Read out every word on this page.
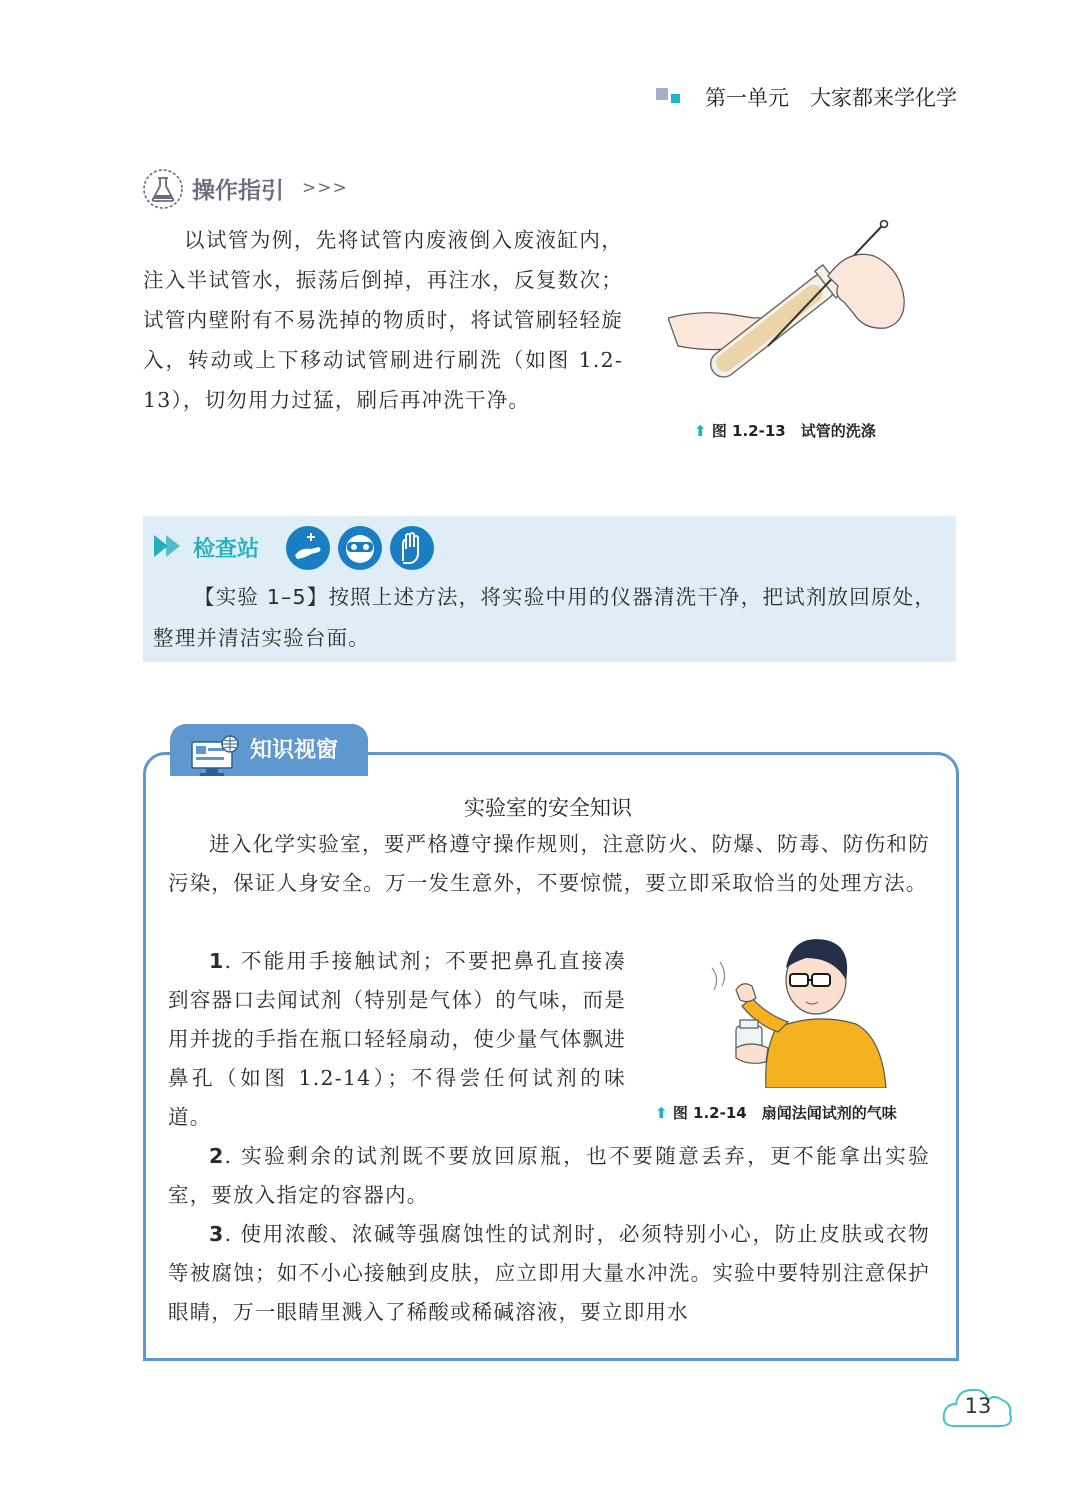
第一单元　 大家都来学化学
操作指引 >>>
以试管为例，先将试管内废液倒入废液缸内，注入半试管水，振荡后倒掉，再注水，反复数次；试管内壁附有不易洗掉的物质时，将试管刷轻轻旋入，转动或上下移动试管刷进行刷洗（如图 1.2-13），切勿用力过猛，刷后再冲洗干净。
⬆ 图 1.2-13　试管的洗涤
检查站
【实验 1–5】按照上述方法，将实验中用的仪器清洗干净，把试剂放回原处，整理并清洁实验台面。
知识视窗
实验室的安全知识
进入化学实验室，要严格遵守操作规则，注意防火、防爆、防毒、防伤和防污染，保证人身安全。万一发生意外，不要惊慌，要立即采取恰当的处理方法。
1. 不能用手接触试剂；不要把鼻孔直接凑到容器口去闻试剂（特别是气体）的气味，而是用并拢的手指在瓶口轻轻扇动，使少量气体飘进鼻孔（如图 1.2-14）；不得尝任何试剂的味道。
2. 实验剩余的试剂既不要放回原瓶，也不要随意丢弃，更不能拿出实验室，要放入指定的容器内。
3. 使用浓酸、浓碱等强腐蚀性的试剂时，必须特别小心，防止皮肤或衣物等被腐蚀；如不小心接触到皮肤，应立即用大量水冲洗。实验中要特别注意保护眼睛，万一眼睛里溅入了稀酸或稀碱溶液，要立即用水
⬆ 图 1.2-14　扇闻法闻试剂的气味
13
